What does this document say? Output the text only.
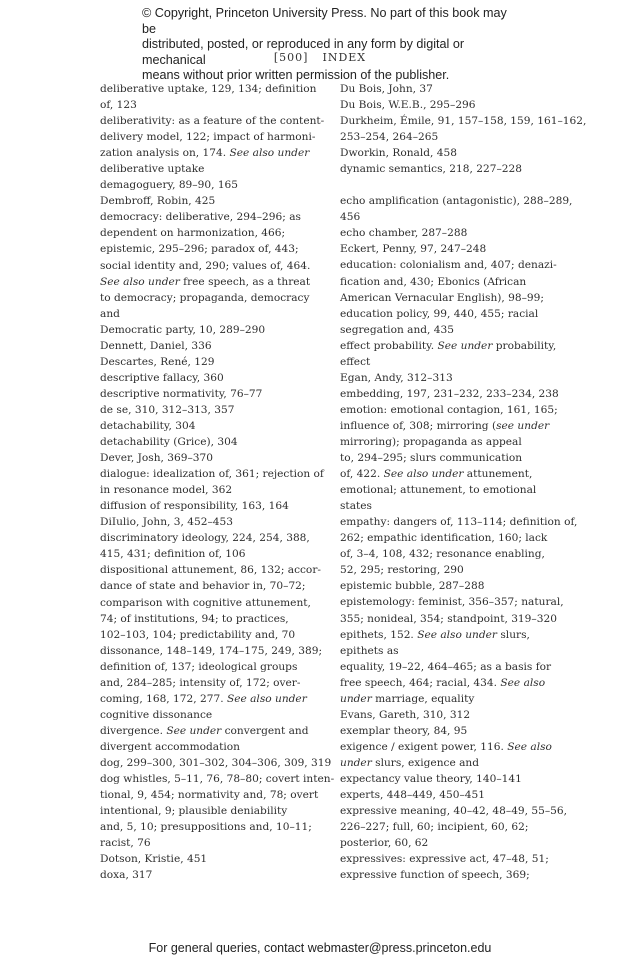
© Copyright, Princeton University Press. No part of this book may be
distributed, posted, or reproduced in any form by digital or mechanical
means without prior written permission of the publisher.
[500] INDEX

deliberative uptake, 129, 134; definition
of, 123

deliberativity: as a feature of the content-
delivery model, 122; impact of harmoni-
zation analysis on, 174. See also under
deliberative uptake

demagoguery, 89–90, 165

Dembroff, Robin, 425

democracy: deliberative, 294–296; as
dependent on harmonization, 466;
epistemic, 295–296; paradox of, 443;
social identity and, 290; values of, 464.
See also under free speech, as a threat
to democracy; propaganda, democracy
and

Democratic party, 10, 289–290

Dennett, Daniel, 336

Descartes, René, 129

descriptive fallacy, 360

descriptive normativity, 76–77

de se, 310, 312–313, 357

detachability, 304

detachability (Grice), 304

Dever, Josh, 369–370

dialogue: idealization of, 361; rejection of
in resonance model, 362

diffusion of responsibility, 163, 164

DiIulio, John, 3, 452–453

discriminatory ideology, 224, 254, 388,
415, 431; definition of, 106

dispositional attunement, 86, 132; accor-
dance of state and behavior in, 70–72;
comparison with cognitive attunement,
74; of institutions, 94; to practices,
102–103, 104; predictability and, 70

dissonance, 148–149, 174–175, 249, 389;
definition of, 137; ideological groups
and, 284–285; intensity of, 172; over-
coming, 168, 172, 277. See also under
cognitive dissonance

divergence. See under convergent and
divergent accommodation

dog, 299–300, 301–302, 304–306, 309, 319

dog whistles, 5–11, 76, 78–80; covert inten-
tional, 9, 454; normativity and, 78; overt
intentional, 9; plausible deniability
and, 5, 10; presuppositions and, 10–11;
racist, 76

Dotson, Kristie, 451

doxa, 317

Du Bois, John, 37

Du Bois, W.E.B., 295–296

Durkheim, Émile, 91, 157–158, 159, 161–162,
253–254, 264–265

Dworkin, Ronald, 458

dynamic semantics, 218, 227–228

echo amplification (antagonistic), 288–289,
456

echo chamber, 287–288

Eckert, Penny, 97, 247–248

education: colonialism and, 407; denazi-
fication and, 430; Ebonics (African
American Vernacular English), 98–99;
education policy, 99, 440, 455; racial
segregation and, 435

effect probability. See under probability,
effect

Egan, Andy, 312–313

embedding, 197, 231–232, 233–234, 238

emotion: emotional contagion, 161, 165;
influence of, 308; mirroring (see under
mirroring); propaganda as appeal
to, 294–295; slurs communication
of, 422. See also under attunement,
emotional; attunement, to emotional
states

empathy: dangers of, 113–114; definition of,
262; empathic identification, 160; lack
of, 3–4, 108, 432; resonance enabling,
52, 295; restoring, 290

epistemic bubble, 287–288

epistemology: feminist, 356–357; natural,
355; nonideal, 354; standpoint, 319–320

epithets, 152. See also under slurs,
epithets as

equality, 19–22, 464–465; as a basis for
free speech, 464; racial, 434. See also
under marriage, equality

Evans, Gareth, 310, 312

exemplar theory, 84, 95

exigence / exigent power, 116. See also
under slurs, exigence and

expectancy value theory, 140–141

experts, 448–449, 450–451

expressive meaning, 40–42, 48–49, 55–56,
226–227; full, 60; incipient, 60, 62;
posterior, 60, 62

expressives: expressive act, 47–48, 51;
expressive function of speech, 369;

For general queries, contact webmaster@press.princeton.edu
